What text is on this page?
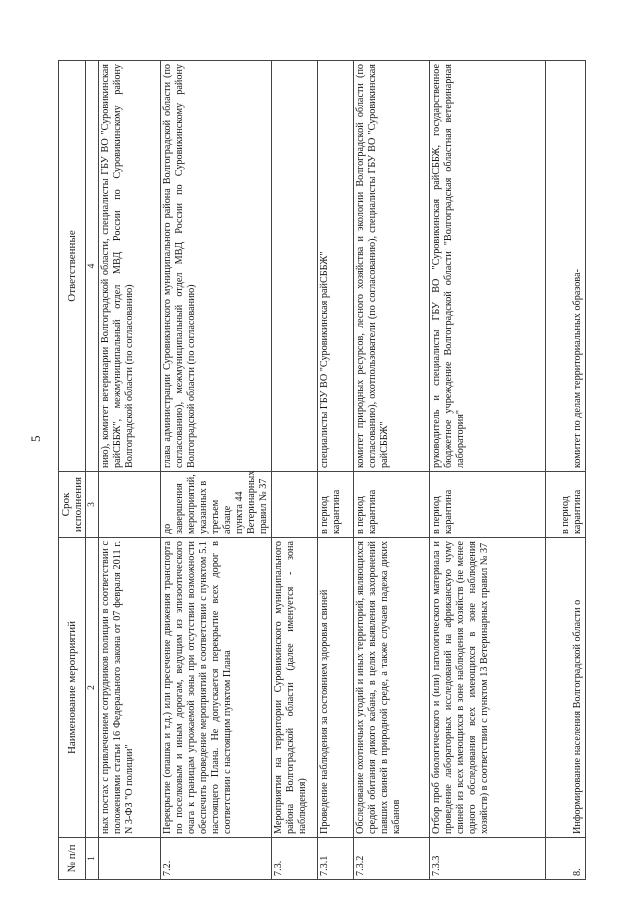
5
№ п/п	Наименование мероприятий	Срок исполнения	Ответственные
1	2	3	4
	ных постах с привлечением сотрудников полиции в соответствии с положениями статьи 16 Федерального закона от 07 февраля 2011 г. N 3-ФЗ "О полиции"		нию), комитет ветеринарии Волгоградской области, специалисты ГБУ ВО "Суровикинская райСББЖ", межмуниципальный отдел МВД России по Суровикинскому району Волгоградской области (по согласованию)
7.2.	Перекрытие (опашка и т.д.) или пресечение движения транспорта по поселковым и иным дорогам, ведущим из эпизоотического очага к границам угрожаемой зоны при отсутствии возможности обеспечить проведение мероприятий в соответствии с пунктом 5.1 настоящего Плана. Не допускается перекрытие всех дорог в соответствии с настоящим пунктом Плана	до завершения мероприятий, указанных в третьем абзаце пункта 44 Ветеринарных правил № 37	глава администрации Суровикинского муниципального района Волгоградской области (по согласованию), межмуниципальный отдел МВД России по Суровикинскому району Волгоградской области (по согласованию)
7.3.	Мероприятия на территории Суровикинского муниципального района Волгоградской области (далее именуется - зона наблюдения)		
7.3.1	Проведение наблюдения за состоянием здоровья свиней	в период карантина	специалисты ГБУ ВО "Суровикинская райСББЖ"
7.3.2	Обследование охотничьих угодий и иных территорий, являющихся средой обитания дикого кабана, в целях выявления захоронений павших свиней в природной среде, а также случаев падежа диких кабанов	в период карантина	комитет природных ресурсов, лесного хозяйства и экологии Волгоградской области (по согласованию), охотпользователи (по согласованию), специалисты ГБУ ВО "Суровикинская райСББЖ"
7.3.3	Отбор проб биологического и (или) патологического материала и проведение лабораторных исследований на африканскую чуму свиней из всех имеющихся в зоне наблюдения хозяйств (не менее одного обследования всех имеющихся в зоне наблюдения хозяйств) в соответствии с пунктом 13 Ветеринарных правил № 37	в период карантина	руководитель и специалисты ГБУ ВО "Суровикинская райСББЖ, государственное бюджетное учреждение Волгоградской области "Волгоградская областная ветеринарная лаборатория"
8.	Информирование населения Волгоградской области о	в период карантина	комитет по делам территориальных образова-
